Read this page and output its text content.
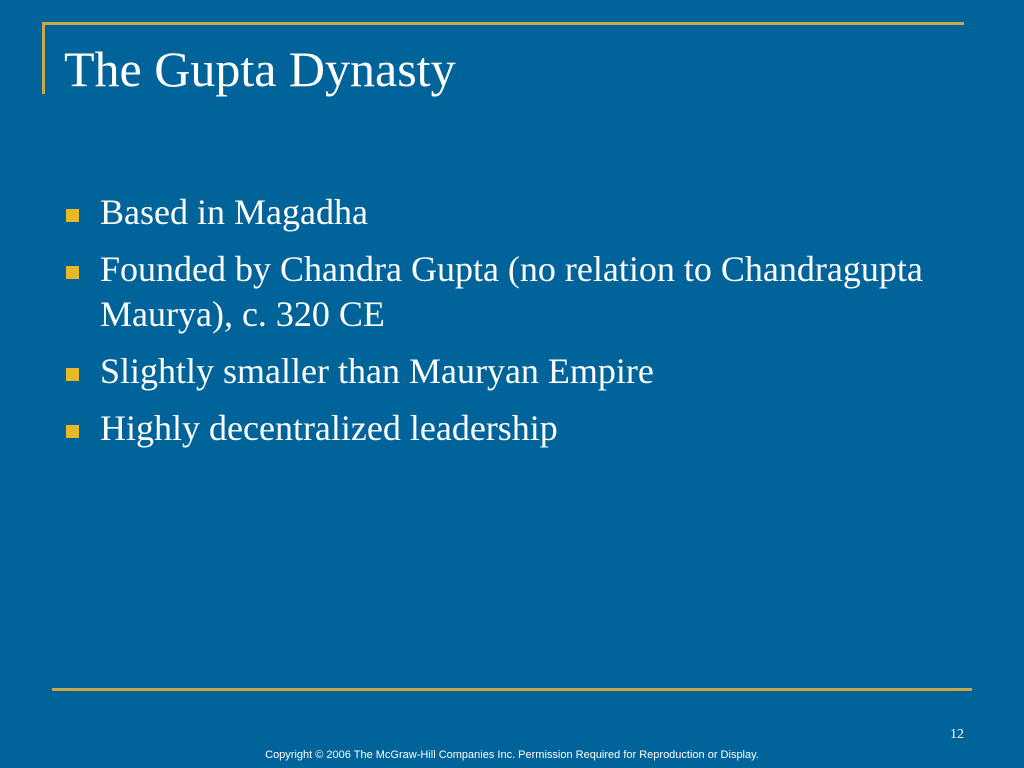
The Gupta Dynasty
Based in Magadha
Founded by Chandra Gupta (no relation to Chandragupta Maurya), c. 320 CE
Slightly smaller than Mauryan Empire
Highly decentralized leadership
12
Copyright © 2006 The McGraw-Hill Companies Inc. Permission Required for Reproduction or Display.
